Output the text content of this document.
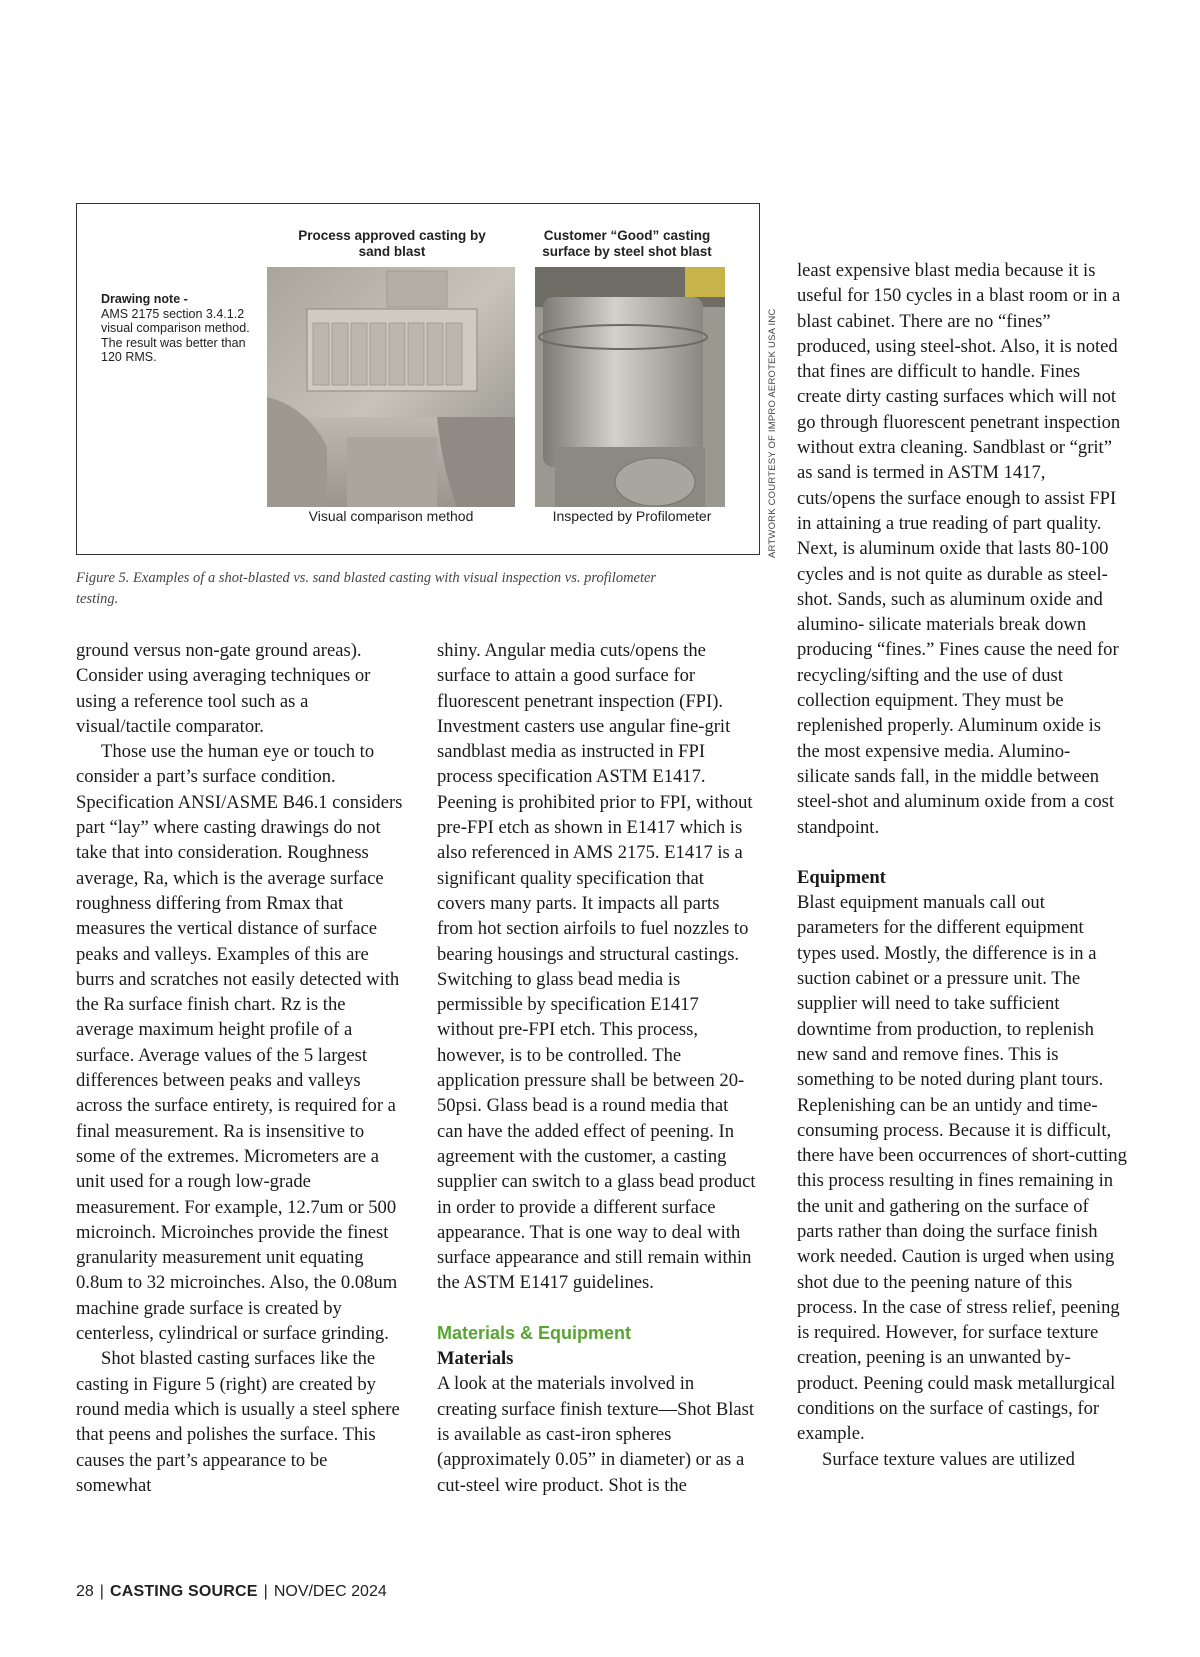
Process approved casting by sand blast
Customer “Good” casting surface by steel shot blast
Drawing note -
AMS 2175 section 3.4.1.2 visual comparison method. The result was better than 120 RMS.
Visual comparison method	Inspected by Profilometer	ARTWORK COURTESY OF IMPRO AEROTEK USA INC
Figure 5. Examples of a shot-blasted vs. sand blasted casting with visual inspection vs. profilometer testing.

ground versus non-gate ground areas). Consider using averaging techniques or using a reference tool such as a visual/tactile comparator.

Those use the human eye or touch to consider a part’s surface condition. Specification ANSI/ASME B46.1 considers part “lay” where casting drawings do not take that into consideration. Roughness average, Ra, which is the average surface roughness differing from Rmax that measures the vertical distance of surface peaks and valleys. Examples of this are burrs and scratches not easily detected with the Ra surface finish chart. Rz is the average maximum height profile of a surface. Average values of the 5 largest differences between peaks and valleys across the surface entirety, is required for a final measurement. Ra is insensitive to some of the extremes. Micrometers are a unit used for a rough low-grade measurement. For example, 12.7um or 500 microinch. Microinches provide the finest granularity measurement unit equating 0.8um to 32 microinches. Also, the 0.08um machine grade surface is created by centerless, cylindrical or surface grinding.

Shot blasted casting surfaces like the casting in Figure 5 (right) are created by round media which is usually a steel sphere that peens and polishes the surface. This causes the part’s appearance to be somewhat

shiny. Angular media cuts/opens the surface to attain a good surface for fluorescent penetrant inspection (FPI). Investment casters use angular fine-grit sandblast media as instructed in FPI process specification ASTM E1417. Peening is prohibited prior to FPI, without pre-FPI etch as shown in E1417 which is also referenced in AMS 2175. E1417 is a significant quality specification that covers many parts. It impacts all parts from hot section airfoils to fuel nozzles to bearing housings and structural castings. Switching to glass bead media is permissible by specification E1417 without pre-FPI etch. This process, however, is to be controlled. The application pressure shall be between 20-50psi. Glass bead is a round media that can have the added effect of peening. In agreement with the customer, a casting supplier can switch to a glass bead product in order to provide a different surface appearance. That is one way to deal with surface appearance and still remain within the ASTM E1417 guidelines.

Materials & Equipment
Materials

A look at the materials involved in creating surface finish texture—Shot Blast is available as cast-iron spheres (approximately 0.05” in diameter) or as a cut-steel wire product. Shot is the

least expensive blast media because it is useful for 150 cycles in a blast room or in a blast cabinet. There are no “fines” produced, using steel-shot. Also, it is noted that fines are difficult to handle. Fines create dirty casting surfaces which will not go through fluorescent penetrant inspection without extra cleaning. Sandblast or “grit” as sand is termed in ASTM 1417, cuts/opens the surface enough to assist FPI in attaining a true reading of part quality. Next, is aluminum oxide that lasts 80-100 cycles and is not quite as durable as steel-shot. Sands, such as aluminum oxide and alumino- silicate materials break down producing “fines.” Fines cause the need for recycling/sifting and the use of dust collection equipment. They must be replenished properly. Aluminum oxide is the most expensive media. Alumino- silicate sands fall, in the middle between steel-shot and aluminum oxide from a cost standpoint.

Equipment

Blast equipment manuals call out parameters for the different equipment types used. Mostly, the difference is in a suction cabinet or a pressure unit. The supplier will need to take sufficient downtime from production, to replenish new sand and remove fines. This is something to be noted during plant tours. Replenishing can be an untidy and time-consuming process. Because it is difficult, there have been occurrences of short-cutting this process resulting in fines remaining in the unit and gathering on the surface of parts rather than doing the surface finish work needed. Caution is urged when using shot due to the peening nature of this process. In the case of stress relief, peening is required. However, for surface texture creation, peening is an unwanted by- product. Peening could mask metallurgical conditions on the surface of castings, for example.

Surface texture values are utilized

28 | CASTING SOURCE | NOV/DEC 2024
